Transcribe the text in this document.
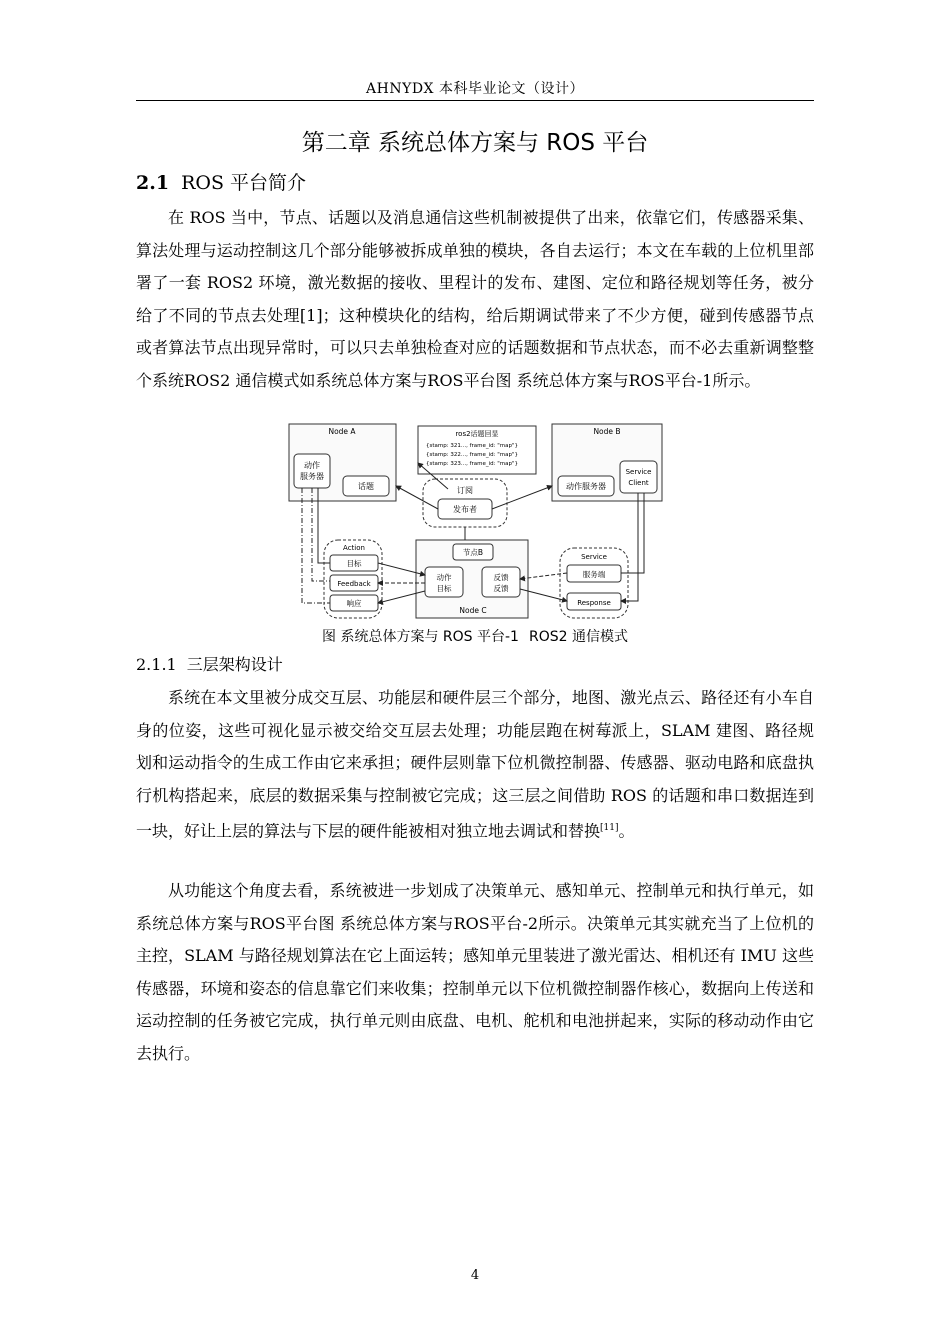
AHNYDX 本科毕业论文（设计）
第二章 系统总体方案与 ROS 平台
2.1 ROS 平台简介

在 ROS 当中，节点、话题以及消息通信这些机制被提供了出来，依靠它们，传感器采集、算法处理与运动控制这几个部分能够被拆成单独的模块，各自去运行；本文在车载的上位机里部署了一套 ROS2 环境，激光数据的接收、里程计的发布、建图、定位和路径规划等任务，被分给了不同的节点去处理[1]；这种模块化的结构，给后期调试带来了不少方便，碰到传感器节点或者算法节点出现异常时，可以只去单独检查对应的话题数据和节点状态，而不必去重新调整整个系统ROS2 通信模式如系统总体方案与ROS平台图 系统总体方案与ROS平台-1所示。

Node A
动作
服务器
话题
ros2话题回显
{stamp: 321..., frame_id: "map"}
{stamp: 322..., frame_id: "map"}
{stamp: 323..., frame_id: "map"}
订阅
发布者
Node B
动作服务器
Service
Client
Action
目标
Feedback
响应
节点B
动作
目标
反馈
反馈
Node C
Service
服务端
Response
图 系统总体方案与 ROS 平台-1 ROS2 通信模式
2.1.1 三层架构设计

系统在本文里被分成交互层、功能层和硬件层三个部分，地图、激光点云、路径还有小车自身的位姿，这些可视化显示被交给交互层去处理；功能层跑在树莓派上，SLAM 建图、路径规划和运动指令的生成工作由它来承担；硬件层则靠下位机微控制器、传感器、驱动电路和底盘执行机构搭起来，底层的数据采集与控制被它完成；这三层之间借助 ROS 的话题和串口数据连到一块，好让上层的算法与下层的硬件能被相对独立地去调试和替换[11]。

从功能这个角度去看，系统被进一步划成了决策单元、感知单元、控制单元和执行单元，如系统总体方案与ROS平台图 系统总体方案与ROS平台-2所示。决策单元其实就充当了上位机的主控，SLAM 与路径规划算法在它上面运转；感知单元里装进了激光雷达、相机还有 IMU 这些传感器，环境和姿态的信息靠它们来收集；控制单元以下位机微控制器作核心，数据向上传送和运动控制的任务被它完成，执行单元则由底盘、电机、舵机和电池拼起来，实际的移动动作由它去执行。

4
